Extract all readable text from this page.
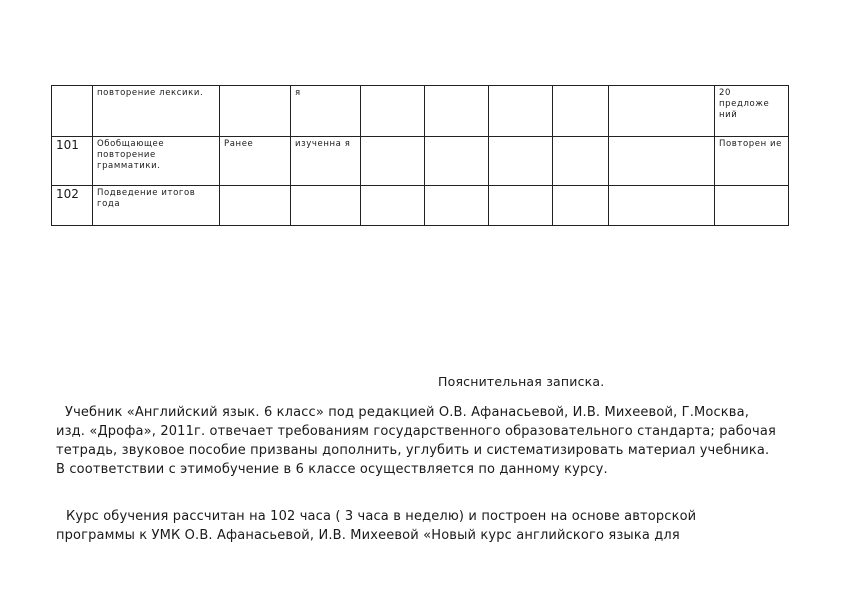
	повторение лексики.		я						20 предложе ний
101	Обобщающее повторение грамматики.	Ранее	изученна я						Повторен ие
102	Подведение итогов года								
Пояснительная записка.

Учебник «Английский язык. 6 класс» под редакцией О.В. Афанасьевой, И.В. Михеевой, Г.Москва, изд. «Дрофа», 2011г. отвечает требованиям государственного образовательного стандарта; рабочая тетрадь, звуковое пособие призваны дополнить, углубить и систематизировать материал учебника. В соответствии с этимобучение в 6 классе осуществляется по данному курсу.

Курс обучения рассчитан на 102 часа ( 3 часа в неделю) и построен на основе авторской программы к УМК О.В. Афанасьевой, И.В. Михеевой «Новый курс английского языка для
